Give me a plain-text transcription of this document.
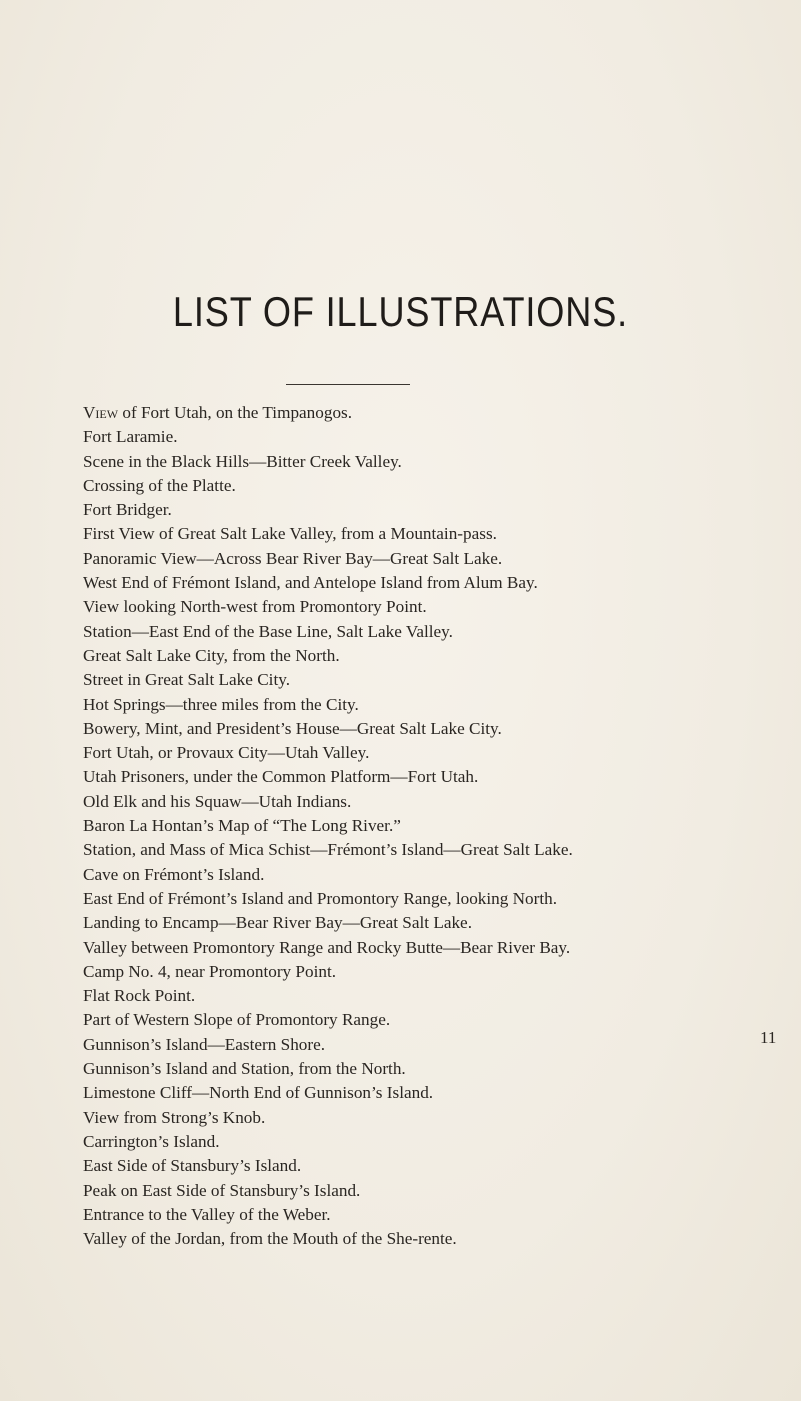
LIST OF ILLUSTRATIONS.
View of Fort Utah, on the Timpanogos.
Fort Laramie.
Scene in the Black Hills—Bitter Creek Valley.
Crossing of the Platte.
Fort Bridger.
First View of Great Salt Lake Valley, from a Mountain-pass.
Panoramic View—Across Bear River Bay—Great Salt Lake.
West End of Frémont Island, and Antelope Island from Alum Bay.
View looking North-west from Promontory Point.
Station—East End of the Base Line, Salt Lake Valley.
Great Salt Lake City, from the North.
Street in Great Salt Lake City.
Hot Springs—three miles from the City.
Bowery, Mint, and President’s House—Great Salt Lake City.
Fort Utah, or Provaux City—Utah Valley.
Utah Prisoners, under the Common Platform—Fort Utah.
Old Elk and his Squaw—Utah Indians.
Baron La Hontan’s Map of “The Long River.”
Station, and Mass of Mica Schist—Frémont’s Island—Great Salt Lake.
Cave on Frémont’s Island.
East End of Frémont’s Island and Promontory Range, looking North.
Landing to Encamp—Bear River Bay—Great Salt Lake.
Valley between Promontory Range and Rocky Butte—Bear River Bay.
Camp No. 4, near Promontory Point.
Flat Rock Point.
Part of Western Slope of Promontory Range.
Gunnison’s Island—Eastern Shore.
Gunnison’s Island and Station, from the North.
Limestone Cliff—North End of Gunnison’s Island.
View from Strong’s Knob.
Carrington’s Island.
East Side of Stansbury’s Island.
Peak on East Side of Stansbury’s Island.
Entrance to the Valley of the Weber.
Valley of the Jordan, from the Mouth of the She-rente.
11
